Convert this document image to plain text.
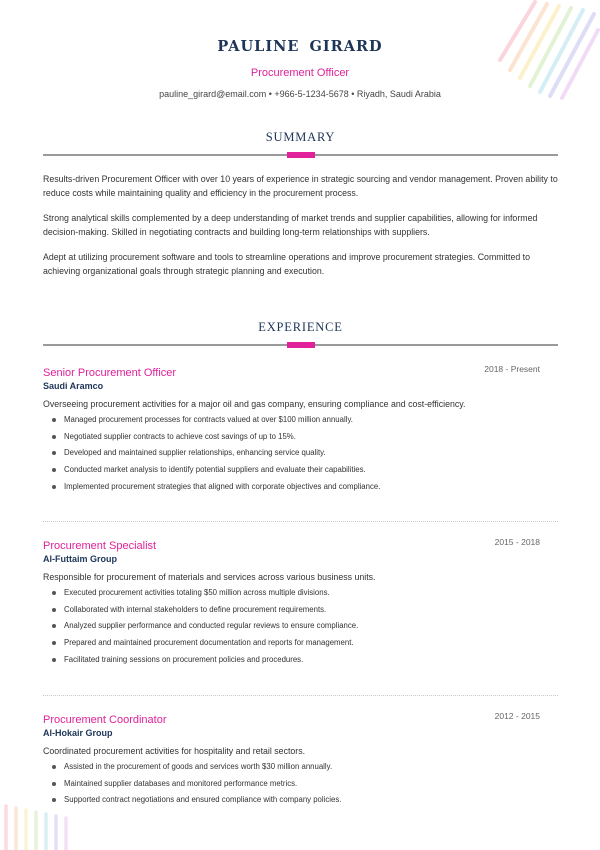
PAULINE GIRARD
Procurement Officer
pauline_girard@email.com • +966-5-1234-5678 • Riyadh, Saudi Arabia
SUMMARY

Results-driven Procurement Officer with over 10 years of experience in strategic sourcing and vendor management. Proven ability to reduce costs while maintaining quality and efficiency in the procurement process.

Strong analytical skills complemented by a deep understanding of market trends and supplier capabilities, allowing for informed decision-making. Skilled in negotiating contracts and building long-term relationships with suppliers.

Adept at utilizing procurement software and tools to streamline operations and improve procurement strategies. Committed to achieving organizational goals through strategic planning and execution.

EXPERIENCE
Senior Procurement Officer	2018 - Present
Saudi Aramco
Overseeing procurement activities for a major oil and gas company, ensuring compliance and cost-efficiency.
Managed procurement processes for contracts valued at over $100 million annually.
Negotiated supplier contracts to achieve cost savings of up to 15%.
Developed and maintained supplier relationships, enhancing service quality.
Conducted market analysis to identify potential suppliers and evaluate their capabilities.
Implemented procurement strategies that aligned with corporate objectives and compliance.
Procurement Specialist	2015 - 2018
Al-Futtaim Group
Responsible for procurement of materials and services across various business units.
Executed procurement activities totaling $50 million across multiple divisions.
Collaborated with internal stakeholders to define procurement requirements.
Analyzed supplier performance and conducted regular reviews to ensure compliance.
Prepared and maintained procurement documentation and reports for management.
Facilitated training sessions on procurement policies and procedures.
Procurement Coordinator	2012 - 2015
Al-Hokair Group
Coordinated procurement activities for hospitality and retail sectors.
Assisted in the procurement of goods and services worth $30 million annually.
Maintained supplier databases and monitored performance metrics.
Supported contract negotiations and ensured compliance with company policies.
